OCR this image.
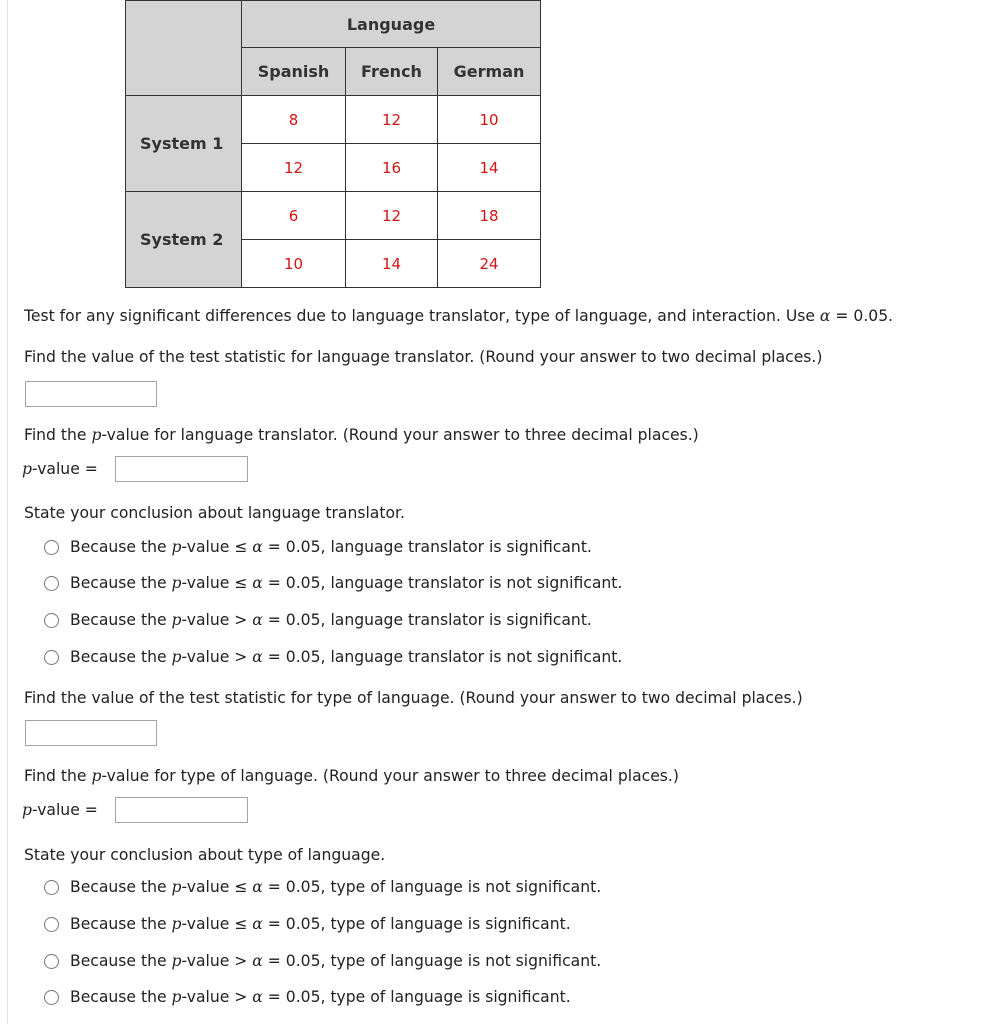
	Language		
	Spanish	French	German
System 1	8	12	10
	12	16	14
System 2	6	12	18
	10	14	24
Test for any significant differences due to language translator, type of language, and interaction. Use α = 0.05.
Find the value of the test statistic for language translator. (Round your answer to two decimal places.)
Find the p-value for language translator. (Round your answer to three decimal places.)
p-value =
State your conclusion about language translator.
Because the p-value ≤ α = 0.05, language translator is significant.
Because the p-value ≤ α = 0.05, language translator is not significant.
Because the p-value > α = 0.05, language translator is significant.
Because the p-value > α = 0.05, language translator is not significant.
Find the value of the test statistic for type of language. (Round your answer to two decimal places.)
Find the p-value for type of language. (Round your answer to three decimal places.)
p-value =
State your conclusion about type of language.
Because the p-value ≤ α = 0.05, type of language is not significant.
Because the p-value ≤ α = 0.05, type of language is significant.
Because the p-value > α = 0.05, type of language is not significant.
Because the p-value > α = 0.05, type of language is significant.
